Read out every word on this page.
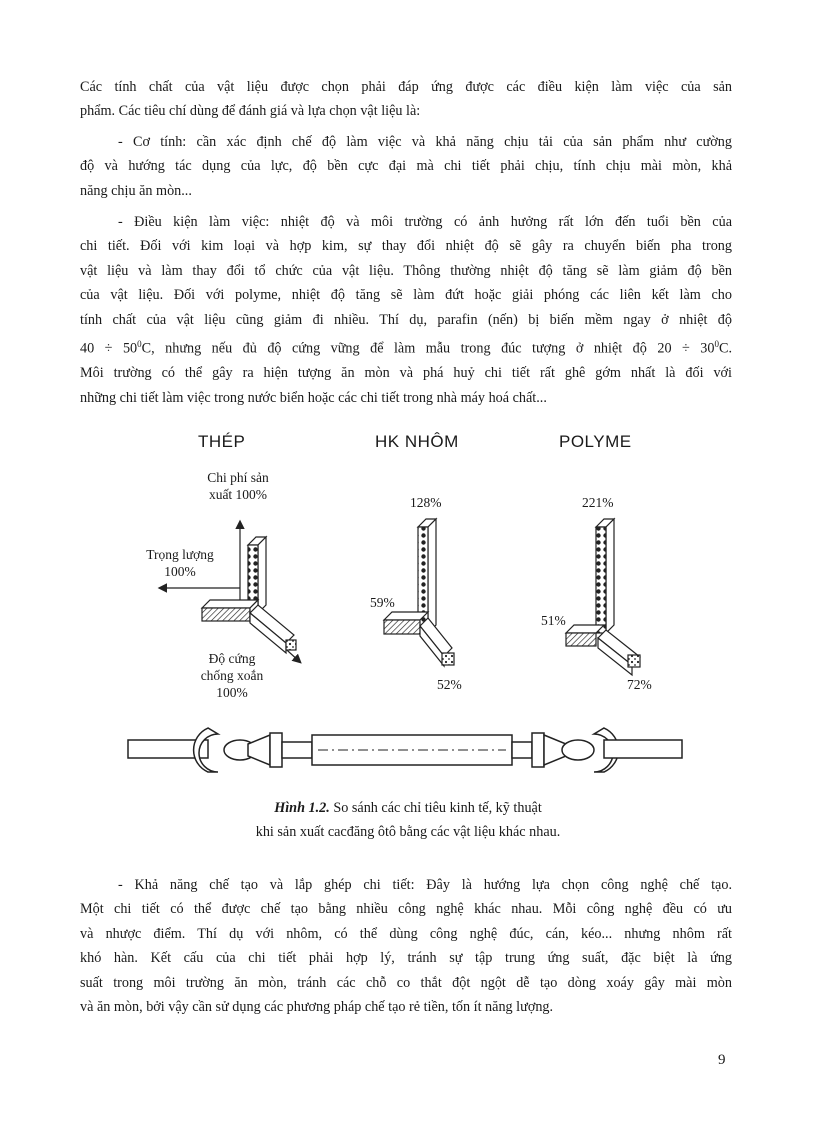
Các tính chất của vật liệu được chọn phải đáp ứng được các điều kiện làm việc của sản
phẩm. Các tiêu chí dùng để đánh giá và lựa chọn vật liệu là:
- Cơ tính: cần xác định chế độ làm việc và khả năng chịu tải của sản phẩm như cường
độ và hướng tác dụng của lực, độ bền cực đại mà chi tiết phải chịu, tính chịu mài mòn, khả
năng chịu ăn mòn...
- Điều kiện làm việc: nhiệt độ và môi trường có ảnh hưởng rất lớn đến tuổi bền của
chi tiết. Đối với kim loại và hợp kim, sự thay đổi nhiệt độ sẽ gây ra chuyển biến pha trong
vật liệu và làm thay đổi tổ chức của vật liệu. Thông thường nhiệt độ tăng sẽ làm giảm độ bền
của vật liệu. Đối với polyme, nhiệt độ tăng sẽ làm đứt hoặc giải phóng các liên kết làm cho
tính chất của vật liệu cũng giảm đi nhiều. Thí dụ, parafin (nến) bị biến mềm ngay ở nhiệt độ
$40 \div 50^0C$, nhưng nếu đủ độ cứng vững để làm mẫu trong đúc tượng ở nhiệt độ $20 \div 30^0C$.
Môi trường có thể gây ra hiện tượng ăn mòn và phá huỷ chi tiết rất ghê gớm nhất là đối với
những chi tiết làm việc trong nước biển hoặc các chi tiết trong nhà máy hoá chất...
THÉP	HK NHÔM	POLYME
Chi phí sản
xuất 100%
Trọng lượng
100%
Độ cứng
chống xoắn
100%
128%
59%
52%
221%
51%
72%
Hình 1.2. So sánh các chỉ tiêu kinh tế, kỹ thuật
khi sản xuất cacđăng ôtô bằng các vật liệu khác nhau.
- Khả năng chế tạo và lắp ghép chi tiết: Đây là hướng lựa chọn công nghệ chế tạo.
Một chi tiết có thể được chế tạo bằng nhiều công nghệ khác nhau. Mỗi công nghệ đều có ưu
và nhược điểm. Thí dụ với nhôm, có thể dùng công nghệ đúc, cán, kéo... nhưng nhôm rất
khó hàn. Kết cấu của chi tiết phải hợp lý, tránh sự tập trung ứng suất, đặc biệt là ứng
suất trong môi trường ăn mòn, tránh các chỗ co thắt đột ngột dễ tạo dòng xoáy gây mài mòn
và ăn mòn, bởi vậy cần sử dụng các phương pháp chế tạo rẻ tiền, tốn ít năng lượng.
9
